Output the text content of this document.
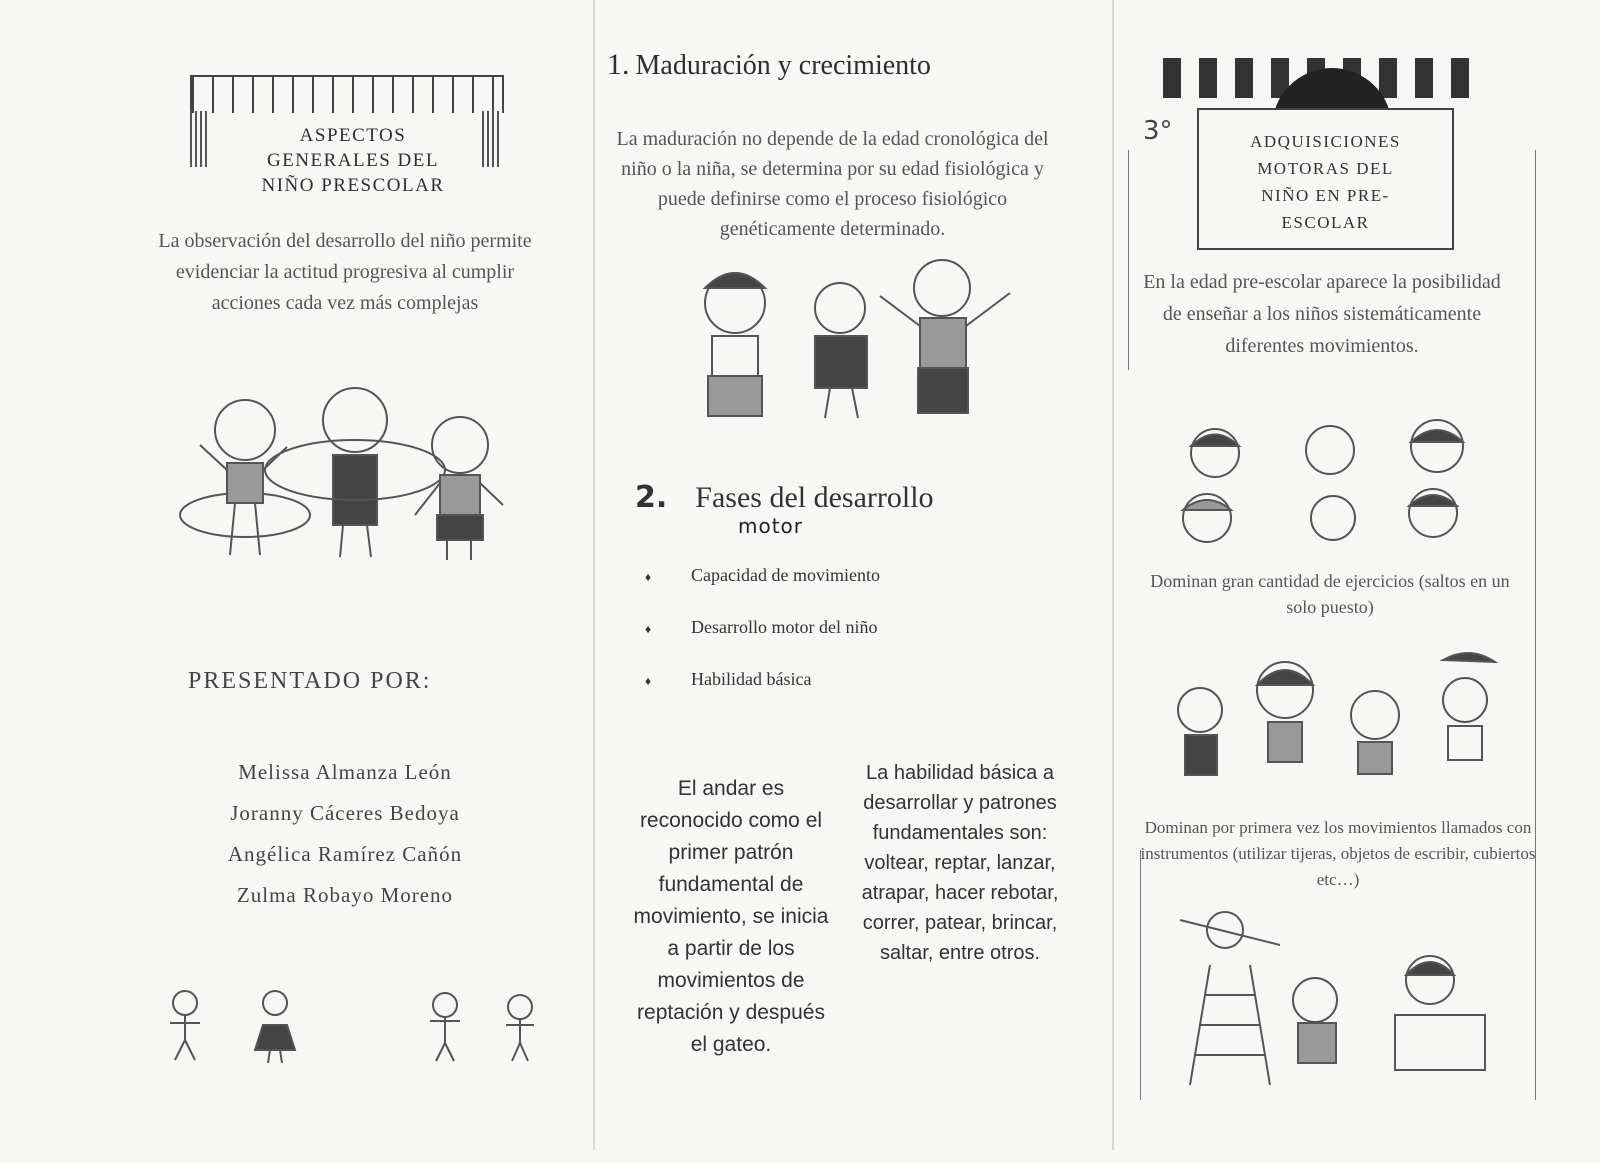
ASPECTOS
GENERALES DEL
NIÑO PRESCOLAR
La observación del desarrollo del niño permite evidenciar la actitud progresiva al cumplir acciones cada vez más complejas
PRESENTADO POR:
Melissa Almanza León
Joranny Cáceres Bedoya
Angélica Ramírez Cañón
Zulma Robayo Moreno
1. Maduración y crecimiento
La maduración no depende de la edad cronológica del niño o la niña, se determina por su edad fisiológica y puede definirse como el proceso fisiológico genéticamente determinado.
2. Fases del desarrollo
motor
♦ Capacidad de movimiento
♦ Desarrollo motor del niño
♦ Habilidad básica
El andar es reconocido como el primer patrón fundamental de movimiento, se inicia a partir de los movimientos de reptación y después el gateo.
La habilidad básica a desarrollar y patrones fundamentales son: voltear, reptar, lanzar, atrapar, hacer rebotar, correr, patear, brincar, saltar, entre otros.
3°	ADQUISICIONES
MOTORAS DEL
NIÑO EN PRE-
ESCOLAR
En la edad pre-escolar aparece la posibilidad de enseñar a los niños sistemáticamente diferentes movimientos.
Dominan gran cantidad de ejercicios (saltos en un solo puesto)
Dominan por primera vez los movimientos llamados con instrumentos (utilizar tijeras, objetos de escribir, cubiertos etc…)
